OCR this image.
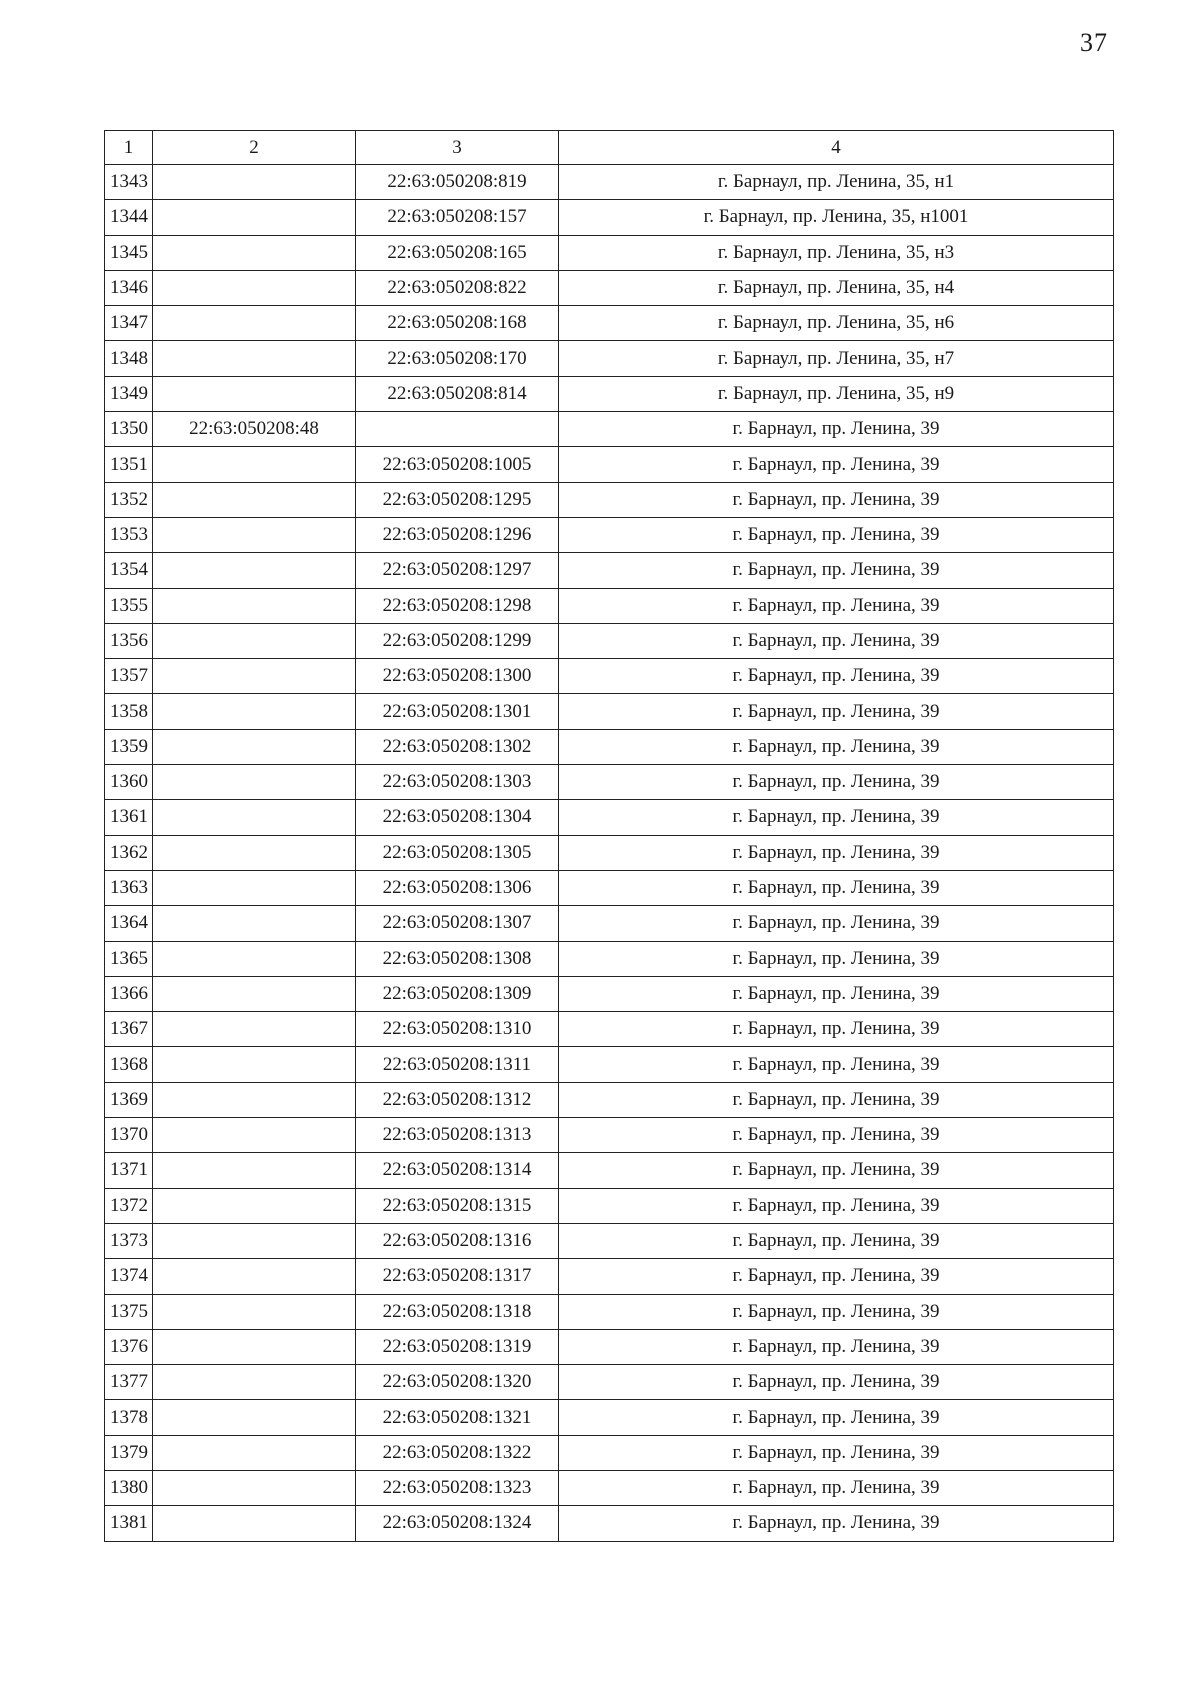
37
1	2	3	4
1343		22:63:050208:819	г. Барнаул, пр. Ленина, 35, н1
1344		22:63:050208:157	г. Барнаул, пр. Ленина, 35, н1001
1345		22:63:050208:165	г. Барнаул, пр. Ленина, 35, н3
1346		22:63:050208:822	г. Барнаул, пр. Ленина, 35, н4
1347		22:63:050208:168	г. Барнаул, пр. Ленина, 35, н6
1348		22:63:050208:170	г. Барнаул, пр. Ленина, 35, н7
1349		22:63:050208:814	г. Барнаул, пр. Ленина, 35, н9
1350	22:63:050208:48		г. Барнаул, пр. Ленина, 39
1351		22:63:050208:1005	г. Барнаул, пр. Ленина, 39
1352		22:63:050208:1295	г. Барнаул, пр. Ленина, 39
1353		22:63:050208:1296	г. Барнаул, пр. Ленина, 39
1354		22:63:050208:1297	г. Барнаул, пр. Ленина, 39
1355		22:63:050208:1298	г. Барнаул, пр. Ленина, 39
1356		22:63:050208:1299	г. Барнаул, пр. Ленина, 39
1357		22:63:050208:1300	г. Барнаул, пр. Ленина, 39
1358		22:63:050208:1301	г. Барнаул, пр. Ленина, 39
1359		22:63:050208:1302	г. Барнаул, пр. Ленина, 39
1360		22:63:050208:1303	г. Барнаул, пр. Ленина, 39
1361		22:63:050208:1304	г. Барнаул, пр. Ленина, 39
1362		22:63:050208:1305	г. Барнаул, пр. Ленина, 39
1363		22:63:050208:1306	г. Барнаул, пр. Ленина, 39
1364		22:63:050208:1307	г. Барнаул, пр. Ленина, 39
1365		22:63:050208:1308	г. Барнаул, пр. Ленина, 39
1366		22:63:050208:1309	г. Барнаул, пр. Ленина, 39
1367		22:63:050208:1310	г. Барнаул, пр. Ленина, 39
1368		22:63:050208:1311	г. Барнаул, пр. Ленина, 39
1369		22:63:050208:1312	г. Барнаул, пр. Ленина, 39
1370		22:63:050208:1313	г. Барнаул, пр. Ленина, 39
1371		22:63:050208:1314	г. Барнаул, пр. Ленина, 39
1372		22:63:050208:1315	г. Барнаул, пр. Ленина, 39
1373		22:63:050208:1316	г. Барнаул, пр. Ленина, 39
1374		22:63:050208:1317	г. Барнаул, пр. Ленина, 39
1375		22:63:050208:1318	г. Барнаул, пр. Ленина, 39
1376		22:63:050208:1319	г. Барнаул, пр. Ленина, 39
1377		22:63:050208:1320	г. Барнаул, пр. Ленина, 39
1378		22:63:050208:1321	г. Барнаул, пр. Ленина, 39
1379		22:63:050208:1322	г. Барнаул, пр. Ленина, 39
1380		22:63:050208:1323	г. Барнаул, пр. Ленина, 39
1381		22:63:050208:1324	г. Барнаул, пр. Ленина, 39
